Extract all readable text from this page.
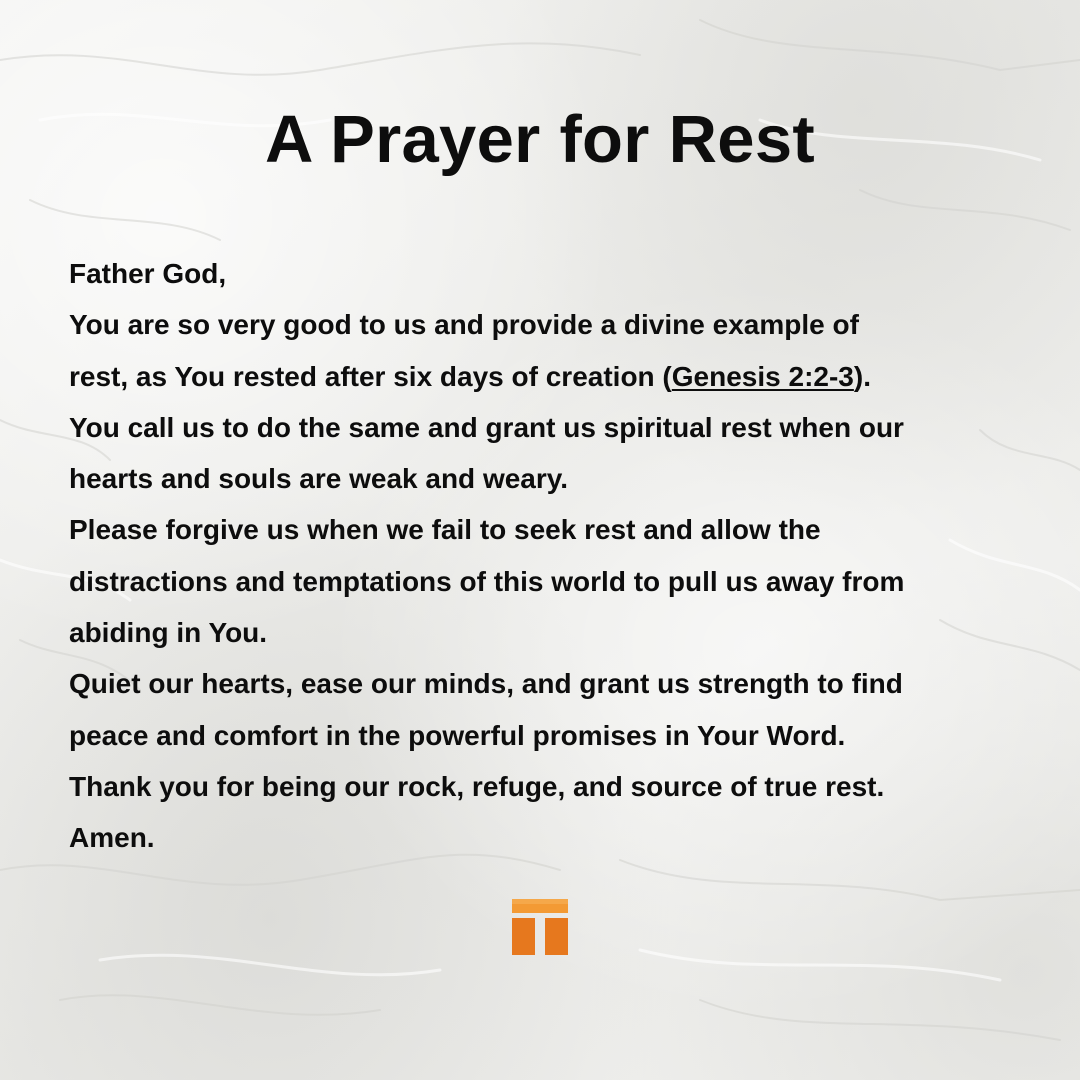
A Prayer for Rest
Father God,
You are so very good to us and provide a divine example of
rest, as You rested after six days of creation (Genesis 2:2-3).
You call us to do the same and grant us spiritual rest when our
hearts and souls are weak and weary.
Please forgive us when we fail to seek rest and allow the
distractions and temptations of this world to pull us away from
abiding in You.
Quiet our hearts, ease our minds, and grant us strength to find
peace and comfort in the powerful promises in Your Word.
Thank you for being our rock, refuge, and source of true rest.
Amen.
